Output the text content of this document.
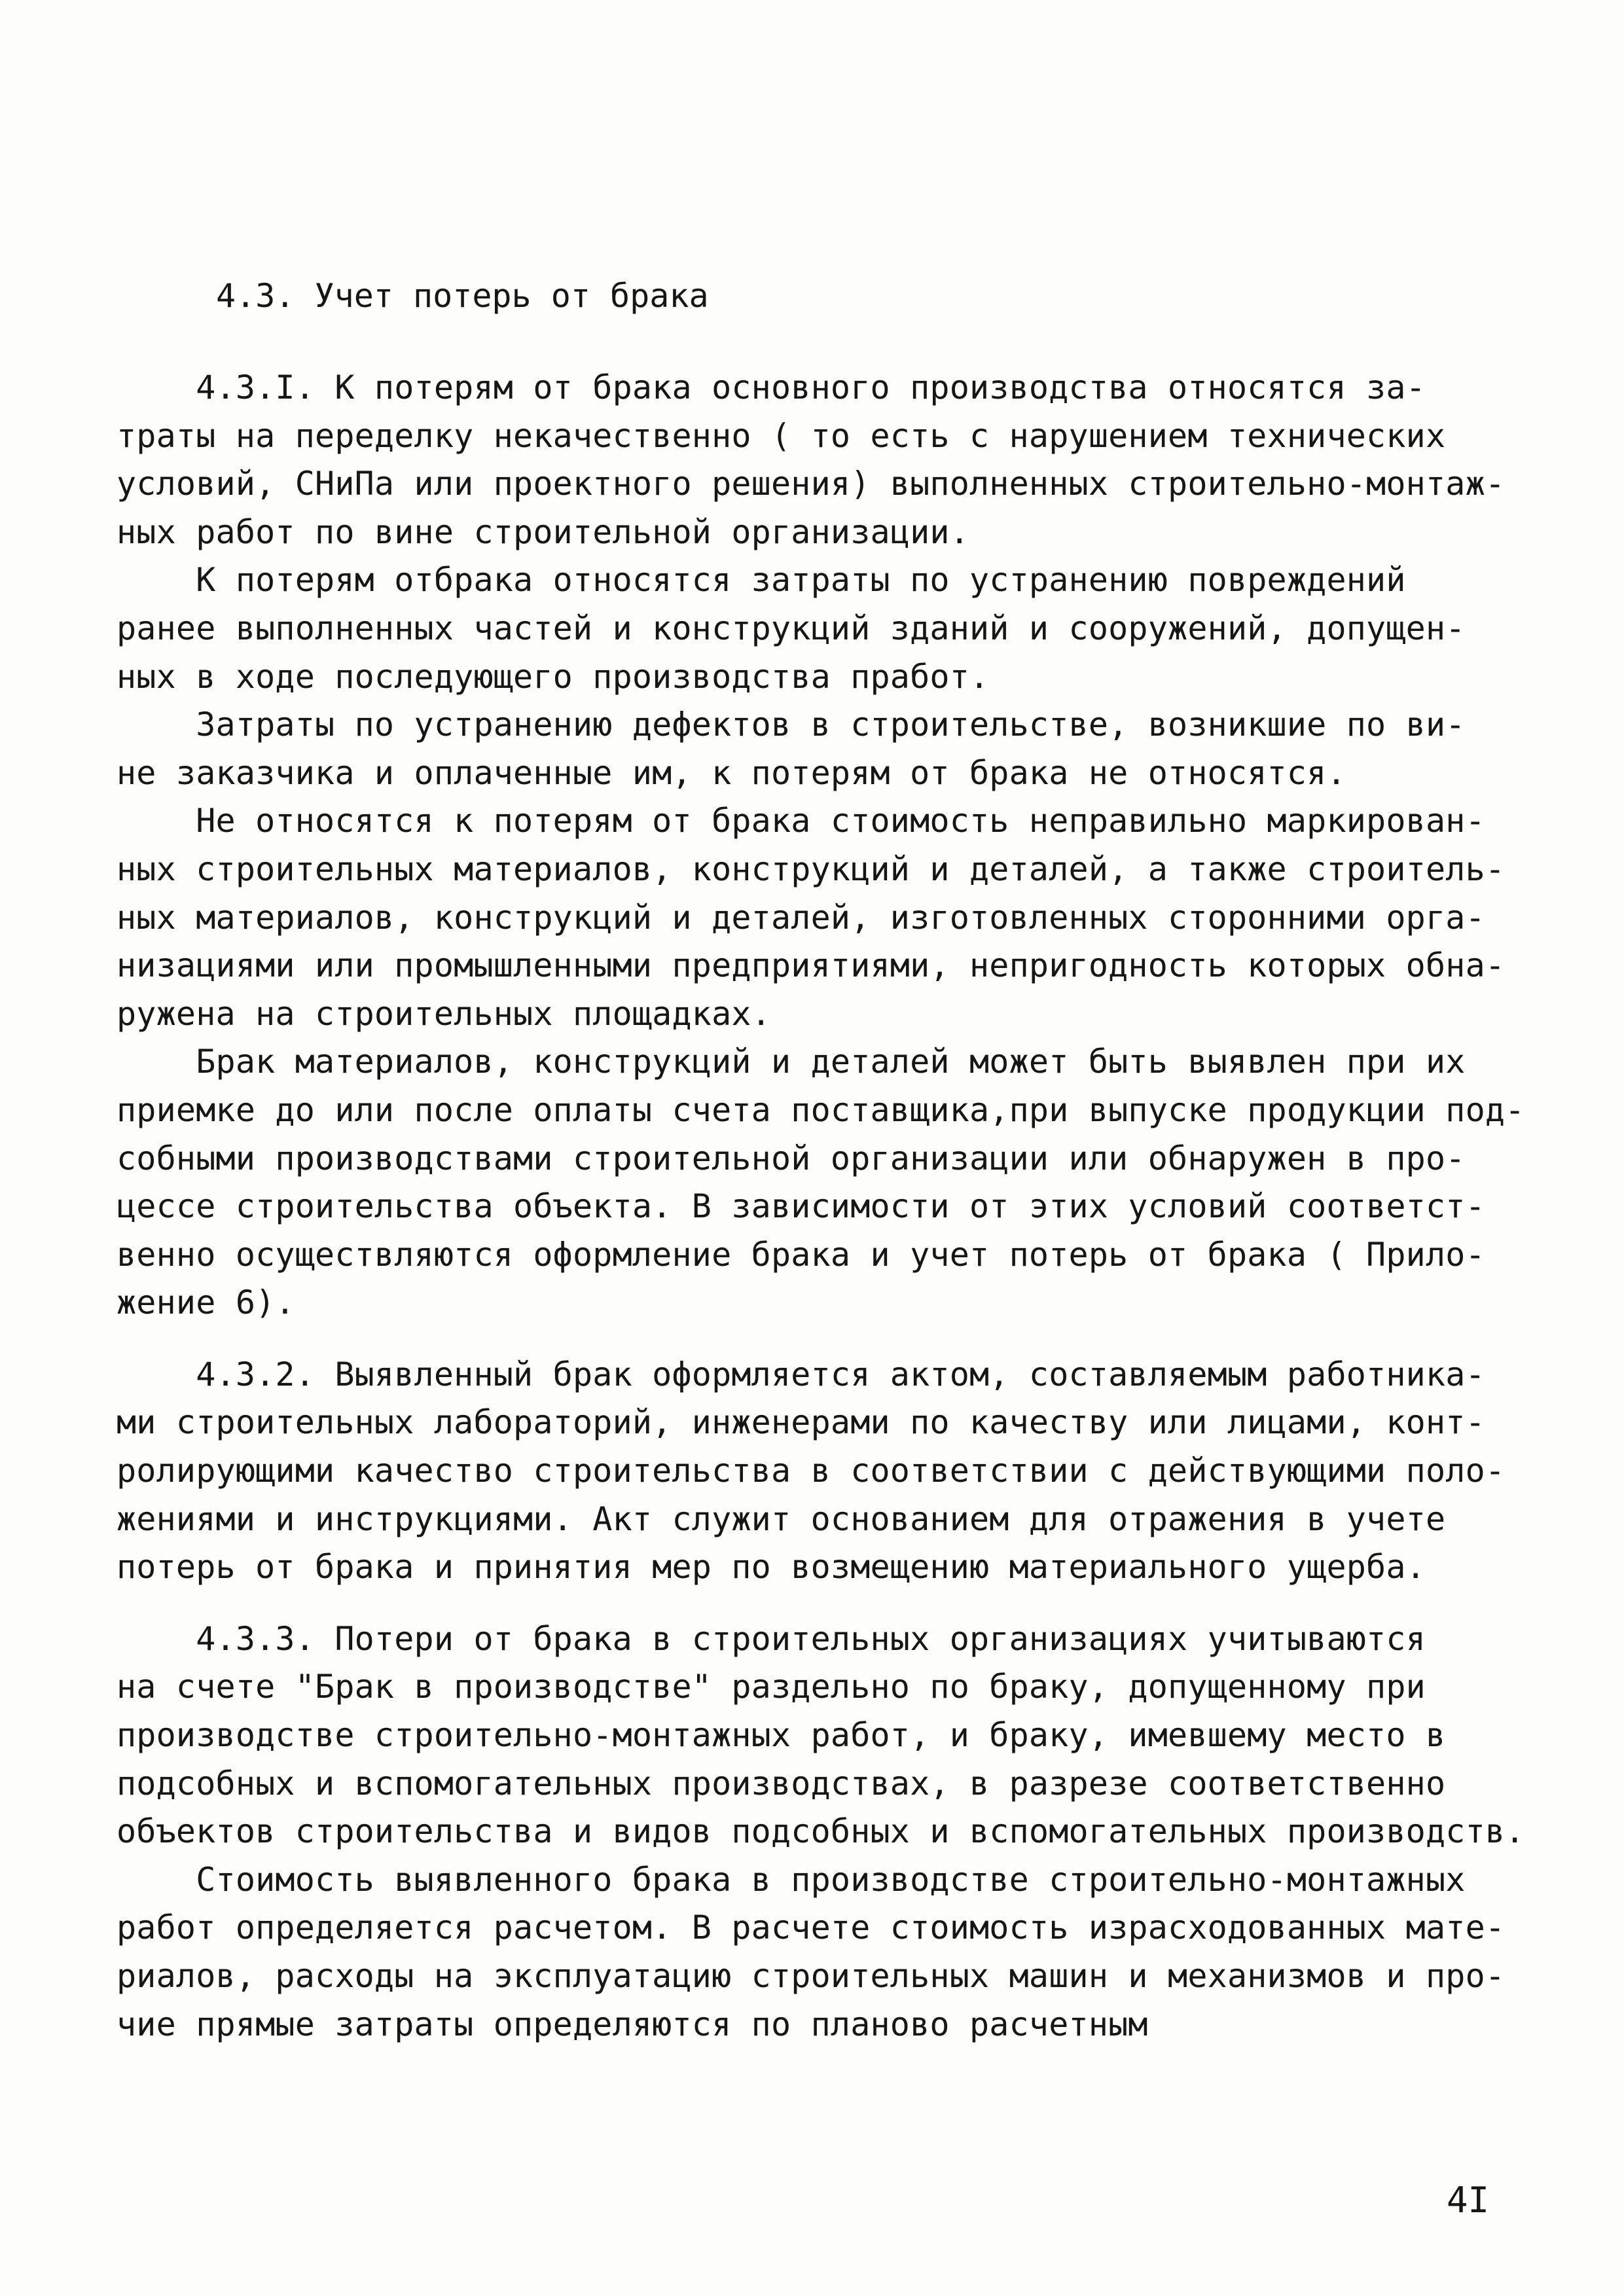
4.3. Учет потерь от брака
4.3.I. К потерям от брака основного производства относятся за-
траты на переделку некачественно ( то есть с нарушением технических
условий, СНиПа или проектного решения) выполненных строительно-монтаж-
ных работ по вине строительной организации.
К потерям отбрака относятся затраты по устранению повреждений
ранее выполненных частей и конструкций зданий и сооружений, допущен-
ных в ходе последующего производства пработ.
Затраты по устранению дефектов в строительстве, возникшие по ви-
не заказчика и оплаченные им, к потерям от брака не относятся.
Не относятся к потерям от брака стоимость неправильно маркирован-
ных строительных материалов, конструкций и деталей, а также строитель-
ных материалов, конструкций и деталей, изготовленных сторонними орга-
низациями или промышленными предприятиями, непригодность которых обна-
ружена на строительных площадках.
Брак материалов, конструкций и деталей может быть выявлен при их
приемке до или после оплаты счета поставщика,при выпуске продукции под-
собными производствами строительной организации или обнаружен в про-
цессе строительства объекта. В зависимости от этих условий соответст-
венно осуществляются оформление брака и учет потерь от брака ( Прило-
жение 6).
4.3.2. Выявленный брак оформляется актом, составляемым работника-
ми строительных лабораторий, инженерами по качеству или лицами, конт-
ролирующими качество строительства в соответствии с действующими поло-
жениями и инструкциями. Акт служит основанием для отражения в учете
потерь от брака и принятия мер по возмещению материального ущерба.
4.3.3. Потери от брака в строительных организациях учитываются
на счете "Брак в производстве" раздельно по браку, допущенному при
производстве строительно-монтажных работ, и браку, имевшему место в
подсобных и вспомогательных производствах, в разрезе соответственно
объектов строительства и видов подсобных и вспомогательных производств.
Стоимость выявленного брака в производстве строительно-монтажных
работ определяется расчетом. В расчете стоимость израсходованных мате-
риалов, расходы на эксплуатацию строительных машин и механизмов и про-
чие прямые затраты определяются по планово расчетным
4I
